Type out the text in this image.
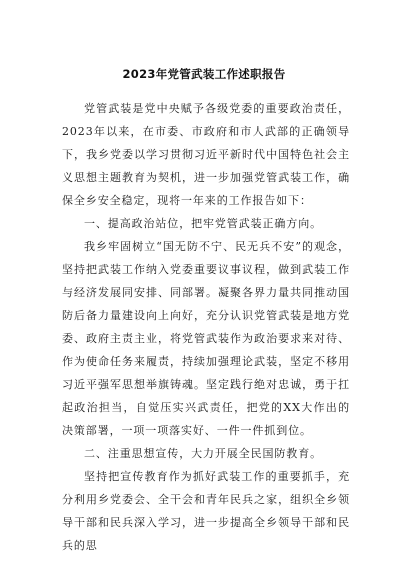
2023年党管武装工作述职报告

党管武装是党中央赋予各级党委的重要政治责任，2023年以来，在市委、市政府和市人武部的正确领导下，我乡党委以学习贯彻习近平新时代中国特色社会主义思想主题教育为契机，进一步加强党管武装工作，确保全乡安全稳定，现将一年来的工作报告如下：

一、提高政治站位，把牢党管武装正确方向。

我乡牢固树立“国无防不宁、民无兵不安”的观念，坚持把武装工作纳入党委重要议事议程，做到武装工作与经济发展同安排、同部署。凝聚各界力量共同推动国防后备力量建设向上向好，充分认识党管武装是地方党委、政府主责主业，将党管武装作为政治要求来对待、作为使命任务来履责，持续加强理论武装，坚定不移用习近平强军思想举旗铸魂。坚定践行绝对忠诚，勇于扛起政治担当，自觉压实兴武责任，把党的XX大作出的决策部署，一项一项落实好、一件一件抓到位。

二、注重思想宣传，大力开展全民国防教育。

坚持把宣传教育作为抓好武装工作的重要抓手，充分利用乡党委会、全干会和青年民兵之家，组织全乡领导干部和民兵深入学习，进一步提高全乡领导干部和民兵的思
